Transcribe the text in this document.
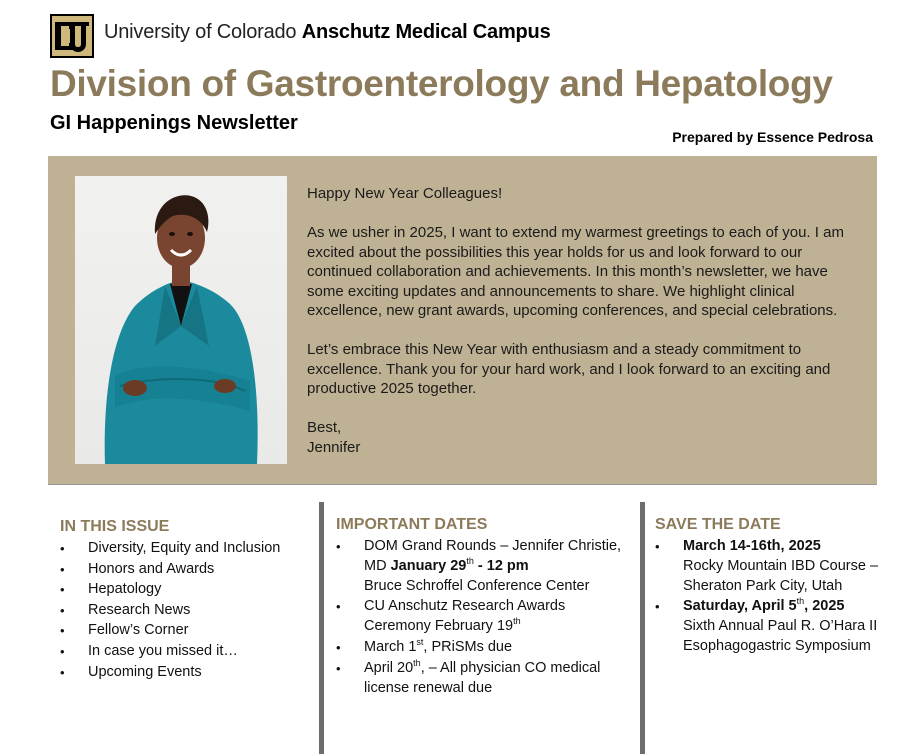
University of Colorado Anschutz Medical Campus
Division of Gastroenterology and Hepatology
GI Happenings Newsletter
Prepared by Essence Pedrosa

Happy New Year Colleagues!

As we usher in 2025, I want to extend my warmest greetings to each of you. I am excited about the possibilities this year holds for us and look forward to our continued collaboration and achievements. In this month’s newsletter, we have some exciting updates and announcements to share. We highlight clinical excellence, new grant awards, upcoming conferences, and special celebrations.

Let’s embrace this New Year with enthusiasm and a steady commitment to excellence. Thank you for your hard work, and I look forward to an exciting and productive 2025 together.

Best,
Jennifer
IN THIS ISSUE
• Diversity, Equity and Inclusion
• Honors and Awards
• Hepatology
• Research News
• Fellow’s Corner
• In case you missed it…
• Upcoming Events
IMPORTANT DATES
• DOM Grand Rounds – Jennifer Christie, MD January 29th - 12 pm
Bruce Schroffel Conference Center
• CU Anschutz Research Awards Ceremony February 19th
• March 1st, PRiSMs due
• April 20th, – All physician CO medical license renewal due
SAVE THE DATE
• March 14-16th, 2025
Rocky Mountain IBD Course –Sheraton Park City, Utah
• Saturday, April 5th, 2025
Sixth Annual Paul R. O’Hara II Esophagogastric Symposium
